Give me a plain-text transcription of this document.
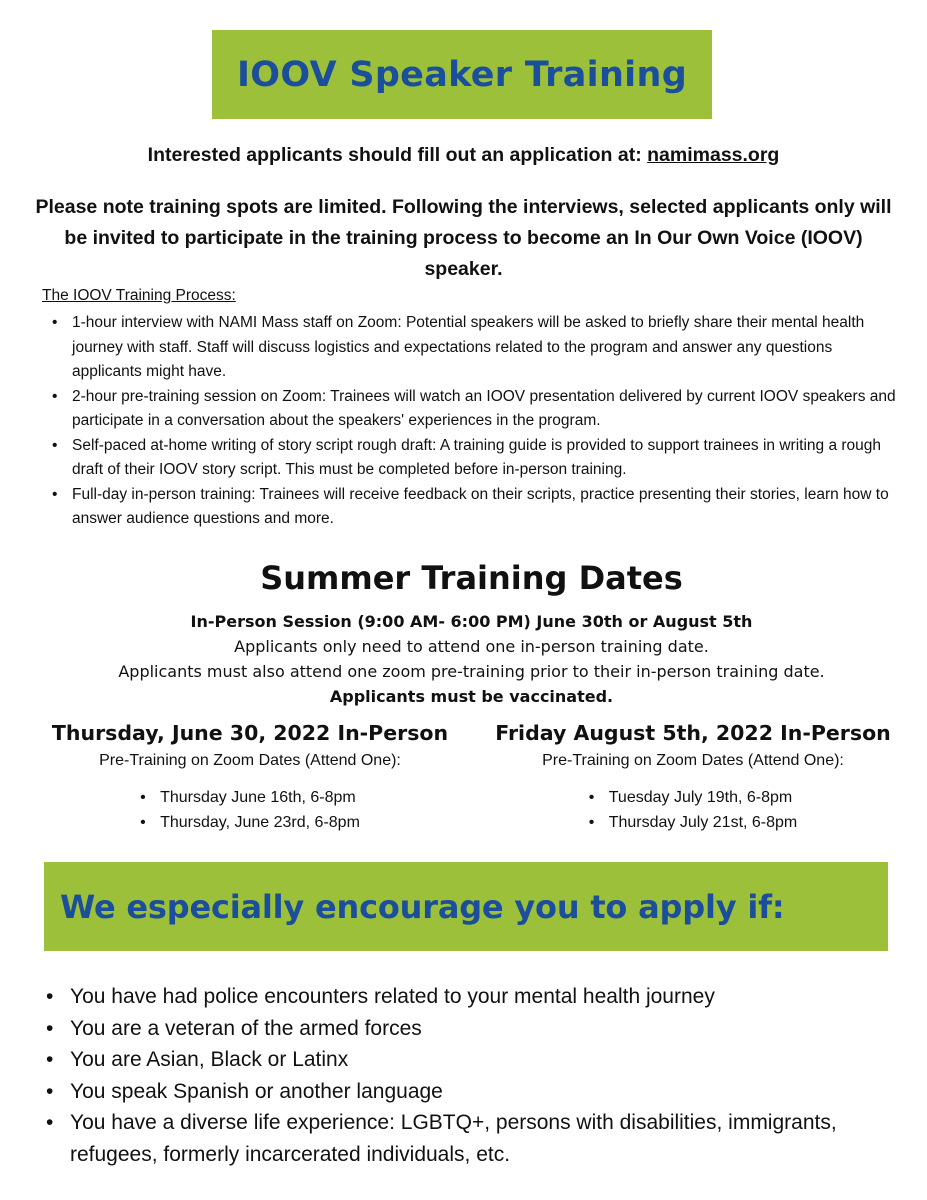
IOOV Speaker Training
Interested applicants should fill out an application at: namimass.org
Please note training spots are limited. Following the interviews, selected applicants only will be invited to participate in the training process to become an In Our Own Voice (IOOV) speaker.
The IOOV Training Process:
• 1-hour interview with NAMI Mass staff on Zoom: Potential speakers will be asked to briefly share their mental health journey with staff. Staff will discuss logistics and expectations related to the program and answer any questions applicants might have.
• 2-hour pre-training session on Zoom: Trainees will watch an IOOV presentation delivered by current IOOV speakers and participate in a conversation about the speakers' experiences in the program.
• Self-paced at-home writing of story script rough draft: A training guide is provided to support trainees in writing a rough draft of their IOOV story script. This must be completed before in-person training.
• Full-day in-person training: Trainees will receive feedback on their scripts, practice presenting their stories, learn how to answer audience questions and more.
Summer Training Dates
In-Person Session (9:00 AM- 6:00 PM) June 30th or August 5th
Applicants only need to attend one in-person training date.
Applicants must also attend one zoom pre-training prior to their in-person training date.
Applicants must be vaccinated.
Thursday, June 30, 2022 In-Person
Pre-Training on Zoom Dates (Attend One):
• Thursday June 16th, 6-8pm
• Thursday, June 23rd, 6-8pm
Friday August 5th, 2022 In-Person
Pre-Training on Zoom Dates (Attend One):
• Tuesday July 19th, 6-8pm
• Thursday July 21st, 6-8pm
We especially encourage you to apply if:
• You have had police encounters related to your mental health journey
• You are a veteran of the armed forces
• You are Asian, Black or Latinx
• You speak Spanish or another language
• You have a diverse life experience: LGBTQ+, persons with disabilities, immigrants, refugees, formerly incarcerated individuals, etc.
